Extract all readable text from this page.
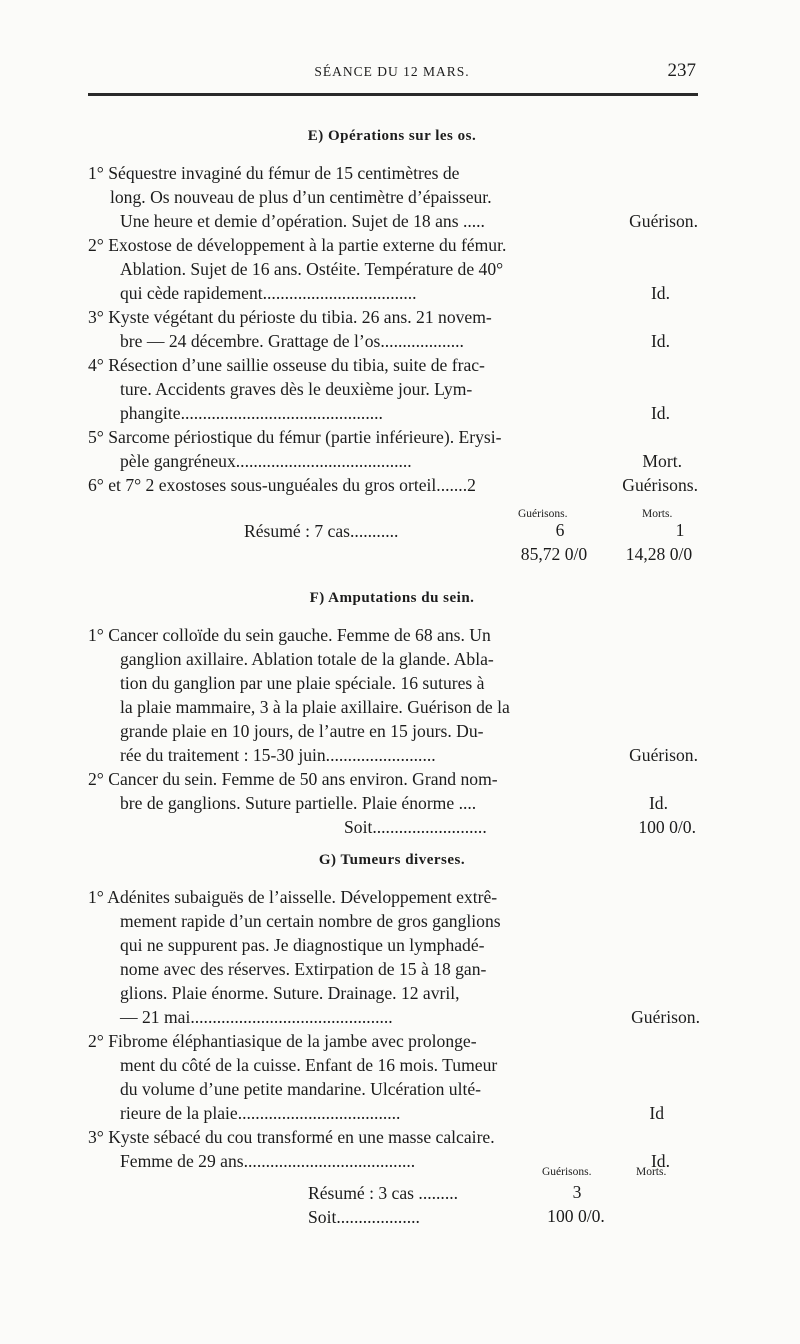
SÉANCE DU 12 MARS.	237
E) Opérations sur les os.
1° Séquestre invaginé du fémur de 15 centimètres de
long. Os nouveau de plus d’un centimètre d’épaisseur.
Une heure et demie d’opération. Sujet de 18 ans .....	Guérison.
2° Exostose de développement à la partie externe du fémur.
Ablation. Sujet de 16 ans. Ostéite. Température de 40°
qui cède rapidement...................................	Id.
3° Kyste végétant du périoste du tibia. 26 ans. 21 novem-
bre — 24 décembre. Grattage de l’os...................	Id.
4° Résection d’une saillie osseuse du tibia, suite de frac-
ture. Accidents graves dès le deuxième jour. Lym-
phangite..............................................	Id.
5° Sarcome périostique du fémur (partie inférieure). Erysi-
pèle gangréneux........................................	Mort.
6° et 7° 2 exostoses sous-unguéales du gros orteil.......2	Guérisons.
Guérisons.	Morts.
Résumé : 7 cas...........	6	1
85,72 0/0	14,28 0/0
F) Amputations du sein.
1° Cancer colloïde du sein gauche. Femme de 68 ans. Un
ganglion axillaire. Ablation totale de la glande. Abla-
tion du ganglion par une plaie spéciale. 16 sutures à
la plaie mammaire, 3 à la plaie axillaire. Guérison de la
grande plaie en 10 jours, de l’autre en 15 jours. Du-
rée du traitement : 15-30 juin.........................	Guérison.
2° Cancer du sein. Femme de 50 ans environ. Grand nom-
bre de ganglions. Suture partielle. Plaie énorme ....	Id.
Soit..........................	100 0/0.
G) Tumeurs diverses.
1° Adénites subaiguës de l’aisselle. Développement extrê-
mement rapide d’un certain nombre de gros ganglions
qui ne suppurent pas. Je diagnostique un lymphadé-
nome avec des réserves. Extirpation de 15 à 18 gan-
glions. Plaie énorme. Suture. Drainage. 12 avril,
— 21 mai..............................................	Guérison.
2° Fibrome éléphantiasique de la jambe avec prolonge-
ment du côté de la cuisse. Enfant de 16 mois. Tumeur
du volume d’une petite mandarine. Ulcération ulté-
rieure de la plaie.....................................	Id
3° Kyste sébacé du cou transformé en une masse calcaire.
Femme de 29 ans.......................................	Id.
Guérisons.	Morts.
Résumé : 3 cas .........	3
Soit...................	100 0/0.
